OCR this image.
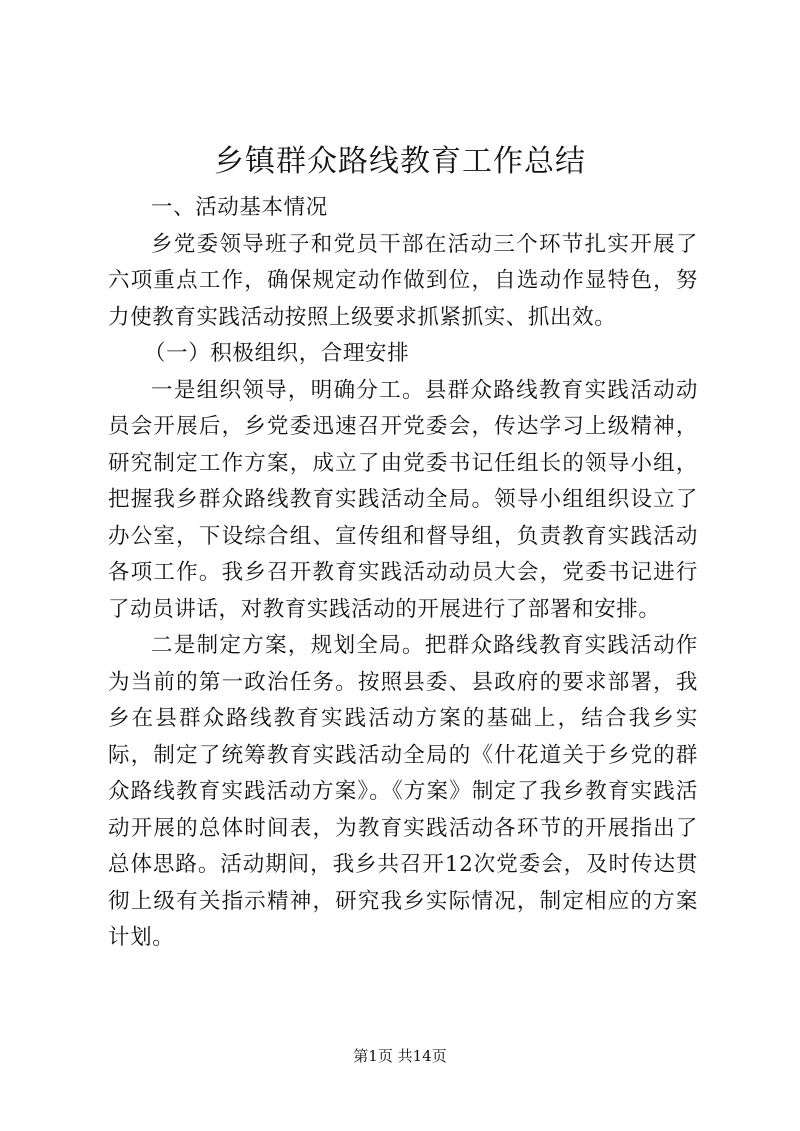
乡镇群众路线教育工作总结

一、活动基本情况

乡党委领导班子和党员干部在活动三个环节扎实开展了六项重点工作，确保规定动作做到位，自选动作显特色，努力使教育实践活动按照上级要求抓紧抓实、抓出效。

（一）积极组织，合理安排

一是组织领导，明确分工。县群众路线教育实践活动动员会开展后，乡党委迅速召开党委会，传达学习上级精神，研究制定工作方案，成立了由党委书记任组长的领导小组，把握我乡群众路线教育实践活动全局。领导小组组织设立了办公室，下设综合组、宣传组和督导组，负责教育实践活动各项工作。我乡召开教育实践活动动员大会，党委书记进行了动员讲话，对教育实践活动的开展进行了部署和安排。

二是制定方案，规划全局。把群众路线教育实践活动作为当前的第一政治任务。按照县委、县政府的要求部署，我乡在县群众路线教育实践活动方案的基础上，结合我乡实际，制定了统筹教育实践活动全局的《什花道关于乡党的群众路线教育实践活动方案》。《方案》制定了我乡教育实践活动开展的总体时间表，为教育实践活动各环节的开展指出了总体思路。活动期间，我乡共召开12次党委会，及时传达贯彻上级有关指示精神，研究我乡实际情况，制定相应的方案计划。

第1页 共14页
